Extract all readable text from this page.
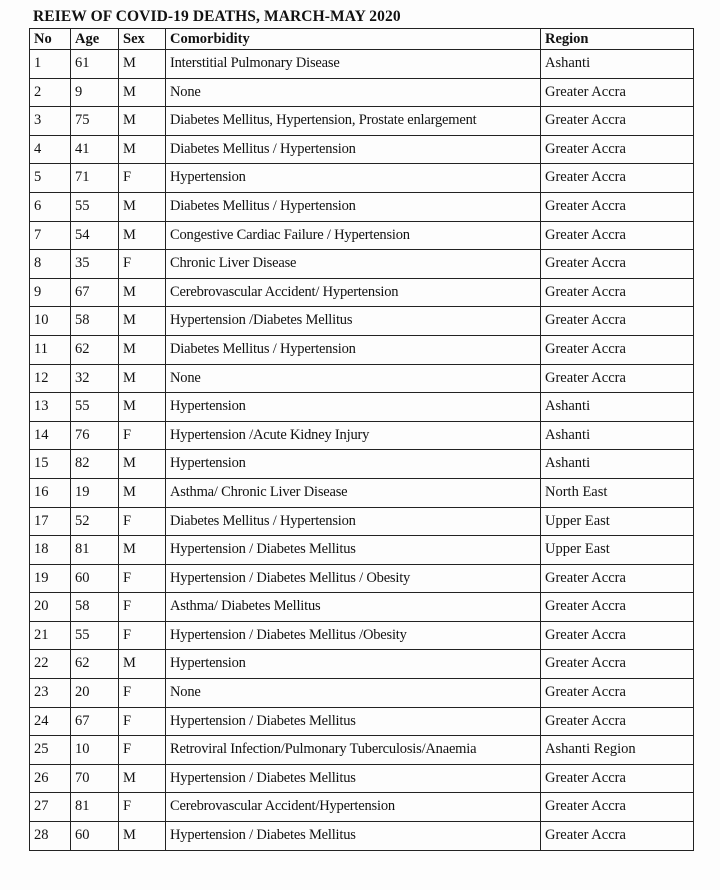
REIEW OF COVID-19 DEATHS, MARCH-MAY 2020
No	Age	Sex	Comorbidity	Region
1	61	M	Interstitial Pulmonary Disease	Ashanti
2	9	M	None	Greater Accra
3	75	M	Diabetes Mellitus, Hypertension, Prostate enlargement	Greater Accra
4	41	M	Diabetes Mellitus / Hypertension	Greater Accra
5	71	F	Hypertension	Greater Accra
6	55	M	Diabetes Mellitus / Hypertension	Greater Accra
7	54	M	Congestive Cardiac Failure / Hypertension	Greater Accra
8	35	F	Chronic Liver Disease	Greater Accra
9	67	M	Cerebrovascular Accident/ Hypertension	Greater Accra
10	58	M	Hypertension /Diabetes Mellitus	Greater Accra
11	62	M	Diabetes Mellitus / Hypertension	Greater Accra
12	32	M	None	Greater Accra
13	55	M	Hypertension	Ashanti
14	76	F	Hypertension /Acute Kidney Injury	Ashanti
15	82	M	Hypertension	Ashanti
16	19	M	Asthma/ Chronic Liver Disease	North East
17	52	F	Diabetes Mellitus / Hypertension	Upper East
18	81	M	Hypertension / Diabetes Mellitus	Upper East
19	60	F	Hypertension / Diabetes Mellitus / Obesity	Greater Accra
20	58	F	Asthma/ Diabetes Mellitus	Greater Accra
21	55	F	Hypertension / Diabetes Mellitus /Obesity	Greater Accra
22	62	M	Hypertension	Greater Accra
23	20	F	None	Greater Accra
24	67	F	Hypertension / Diabetes Mellitus	Greater Accra
25	10	F	Retroviral Infection/Pulmonary Tuberculosis/Anaemia	Ashanti Region
26	70	M	Hypertension / Diabetes Mellitus	Greater Accra
27	81	F	Cerebrovascular Accident/Hypertension	Greater Accra
28	60	M	Hypertension / Diabetes Mellitus	Greater Accra
